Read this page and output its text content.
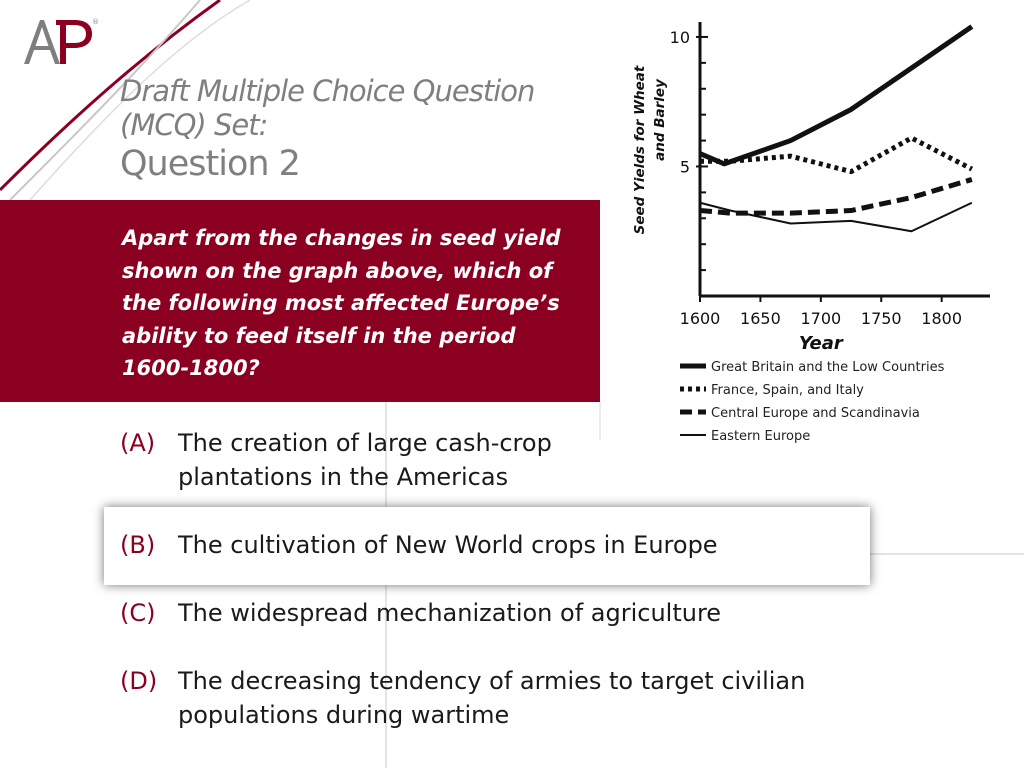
®
Draft Multiple Choice Question
(MCQ) Set:
Question 2
Apart from the changes in seed yield shown on the graph above, which of the following most affected Europe’s ability to feed itself in the period 1600-1800?
(A) The creation of large cash-crop
plantations in the Americas
(B) The cultivation of New World crops in Europe
(C) The widespread mechanization of agriculture
(D) The decreasing tendency of armies to target civilian
populations during wartime
5
10
1600 1650 1700 1750 1800
Year
Seed Yields for Wheat and Barley
Great Britain and the Low Countries
France, Spain, and Italy
Central Europe and Scandinavia
Eastern Europe
